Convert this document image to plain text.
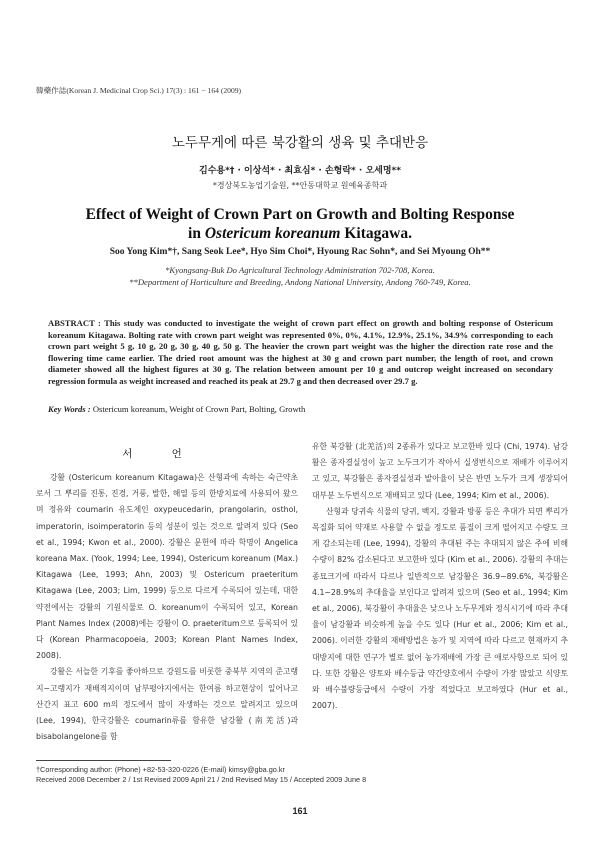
韓藥作誌(Korean J. Medicinal Crop Sci.) 17(3) : 161 − 164 (2009)
노두무게에 따른 북강활의 생육 및 추대반응
김수용*† · 이상석* · 최효심* · 손형락* · 오세명**
*경상북도농업기술원, **안동대학교 원예육종학과
Effect of Weight of Crown Part on Growth and Bolting Response
in Ostericum koreanum Kitagawa.
Soo Yong Kim*†, Sang Seok Lee*, Hyo Sim Choi*, Hyoung Rac Sohn*, and Sei Myoung Oh**
*Kyongsang-Buk Do Agricultural Technology Administration 702-708, Korea.
**Department of Horticulture and Breeding, Andong National University, Andong 760-749, Korea.
ABSTRACT : This study was conducted to investigate the weight of crown part effect on growth and bolting response of Ostericum koreanum Kitagawa. Bolting rate with crown part weight was represented 0%, 0%, 4.1%, 12.9%, 25.1%, 34.9% corresponding to each crown part weight 5 g, 10 g, 20 g, 30 g, 40 g, 50 g. The heavier the crown part weight was the higher the direction rate rose and the flowering time came earlier. The dried root amount was the highest at 30 g and crown part number, the length of root, and crown diameter showed all the highest figures at 30 g. The relation between amount per 10 g and outcrop weight increased on secondary regression formula as weight increased and reached its peak at 29.7 g and then decreased over 29.7 g.
Key Words : Ostericum koreanum, Weight of Crown Part, Bolting, Growth
서 언

강활 (Ostericum koreanum Kitagawa)은 산형과에 속하는 숙근약초로서 그 뿌리를 진통, 진경, 거풍, 발한, 해열 등의 한방치료에 사용되어 왔으며 정유와 coumarin 유도체인 oxypeucedarin, prangolarin, osthol, imperatorin, isoimperatorin 등의 성분이 있는 것으로 알려져 있다 (Seo et al., 1994; Kwon et al., 2000). 강활은 문헌에 따라 학명이 Angelica koreana Max. (Yook, 1994; Lee, 1994), Ostericum koreanum (Max.) Kitagawa (Lee, 1993; Ahn, 2003) 및 Ostericum praeteritum Kitagawa (Lee, 2003; Lim, 1999) 등으로 다르게 수록되어 있는데, 대한약전에서는 강활의 기원식물로 O. koreanum이 수록되어 있고, Korean Plant Names Index (2008)에는 강활이 O. praeteritum으로 등록되어 있다 (Korean Pharmacopoeia, 2003; Korean Plant Names Index, 2008).

강활은 서늘한 기후를 좋아하므로 강원도를 비롯한 중북부 지역의 준고랭지∼고랭지가 재배적지이며 남부평야지에서는 한여름 하고현상이 일어나고 산간지 표고 600 m의 정도에서 많이 자생하는 것으로 알려지고 있으며 (Lee, 1994), 한국강활은 coumarin류를 함유한 남강활 (南羌活)과 bisabolangelone를 함

유한 북강활 (北羌活)의 2종류가 있다고 보고한바 있다 (Chi, 1974). 남강활은 종자결실성이 높고 노두크기가 작아서 실생번식으로 재배가 이루어지고 있고, 북강활은 종자결실성과 발아율이 낮은 반면 노두가 크게 생장되어 대부분 노두번식으로 재배되고 있다 (Lee, 1994; Kim et al., 2006).

산형과 당귀속 식물의 당귀, 백지, 강활과 방풍 등은 추대가 되면 뿌리가 목질화 되어 약재로 사용할 수 없을 정도로 품질이 크게 떨어지고 수량도 크게 감소되는데 (Lee, 1994), 강활의 추대된 주는 추대되지 않은 주에 비해 수량이 82% 감소된다고 보고한바 있다 (Kim et al., 2006). 강활의 추대는 종묘크기에 따라서 다르나 일반적으로 남강활은 36.9∼89.6%, 북강활은 4.1∼28.9%의 추대율을 보인다고 알려져 있으며 (Seo et al., 1994; Kim et al., 2006), 북강활이 추대율은 낮으나 노두무게와 정식시기에 따라 추대율이 남강활과 비슷하게 높을 수도 있다 (Hur et al., 2006; Kim et al., 2006). 이러한 강활의 재배방법은 농가 및 지역에 따라 다르고 현재까지 추대방지에 대한 연구가 별로 없어 농가재배에 가장 큰 애로사항으로 되어 있다. 또한 강활은 양토와 배수등급 약간양호에서 수량이 가장 많았고 식양토와 배수불량등급에서 수량이 가장 적었다고 보고하였다 (Hur et al., 2007).

†Corresponding author: (Phone) +82-53-320-0226 (E-mail) kimsy@gba.go.kr
Received 2008 December 2 / 1st Revised 2009 April 21 / 2nd Revised May 15 / Accepted 2009 June 8
161
